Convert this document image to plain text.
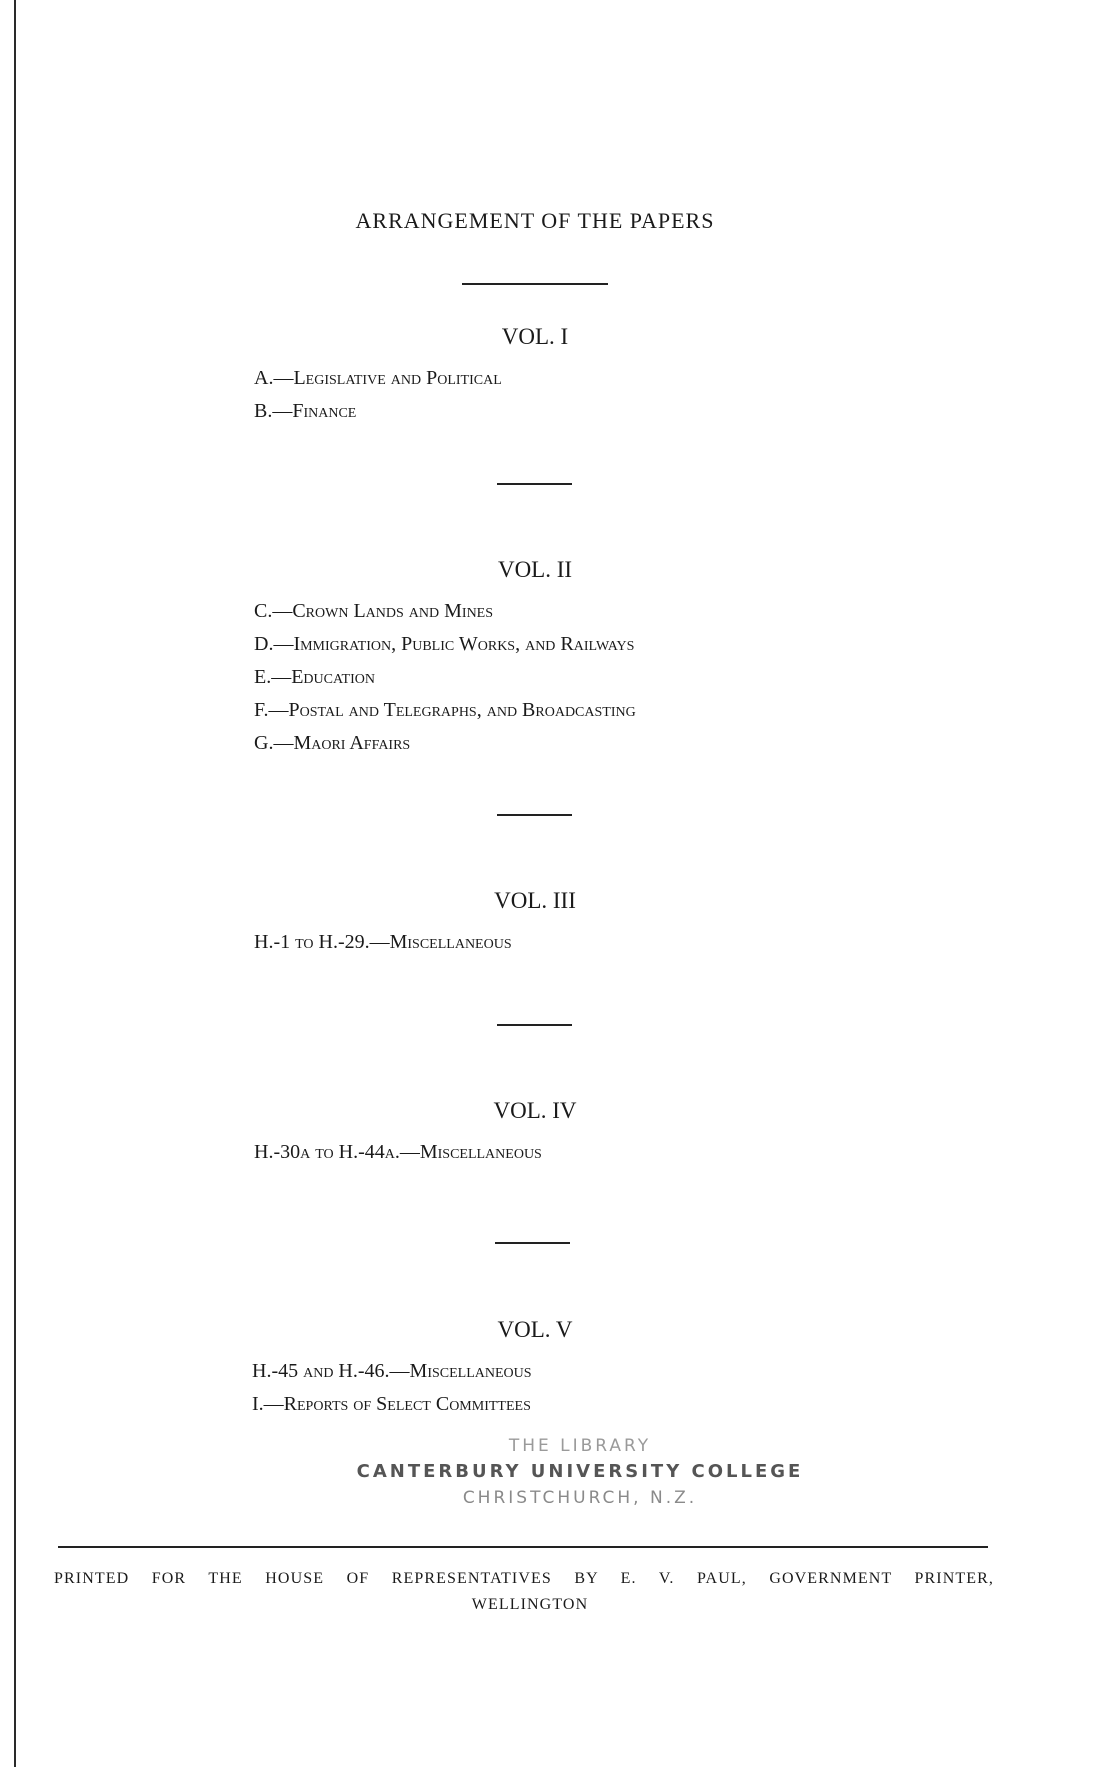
ARRANGEMENT OF THE PAPERS
VOL. I
A.—Legislative and Political
B.—Finance
VOL. II
C.—Crown Lands and Mines
D.—Immigration, Public Works, and Railways
E.—Education
F.—Postal and Telegraphs, and Broadcasting
G.—Maori Affairs
VOL. III
H.-1 to H.-29.—Miscellaneous
VOL. IV
H.-30a to H.-44a.—Miscellaneous
VOL. V
H.-45 and H.-46.—Miscellaneous
I.—Reports of Select Committees
THE LIBRARY
CANTERBURY UNIVERSITY COLLEGE
CHRISTCHURCH, N.Z.
PRINTED FOR THE HOUSE OF REPRESENTATIVES BY E. V. PAUL, GOVERNMENT PRINTER,
WELLINGTON
